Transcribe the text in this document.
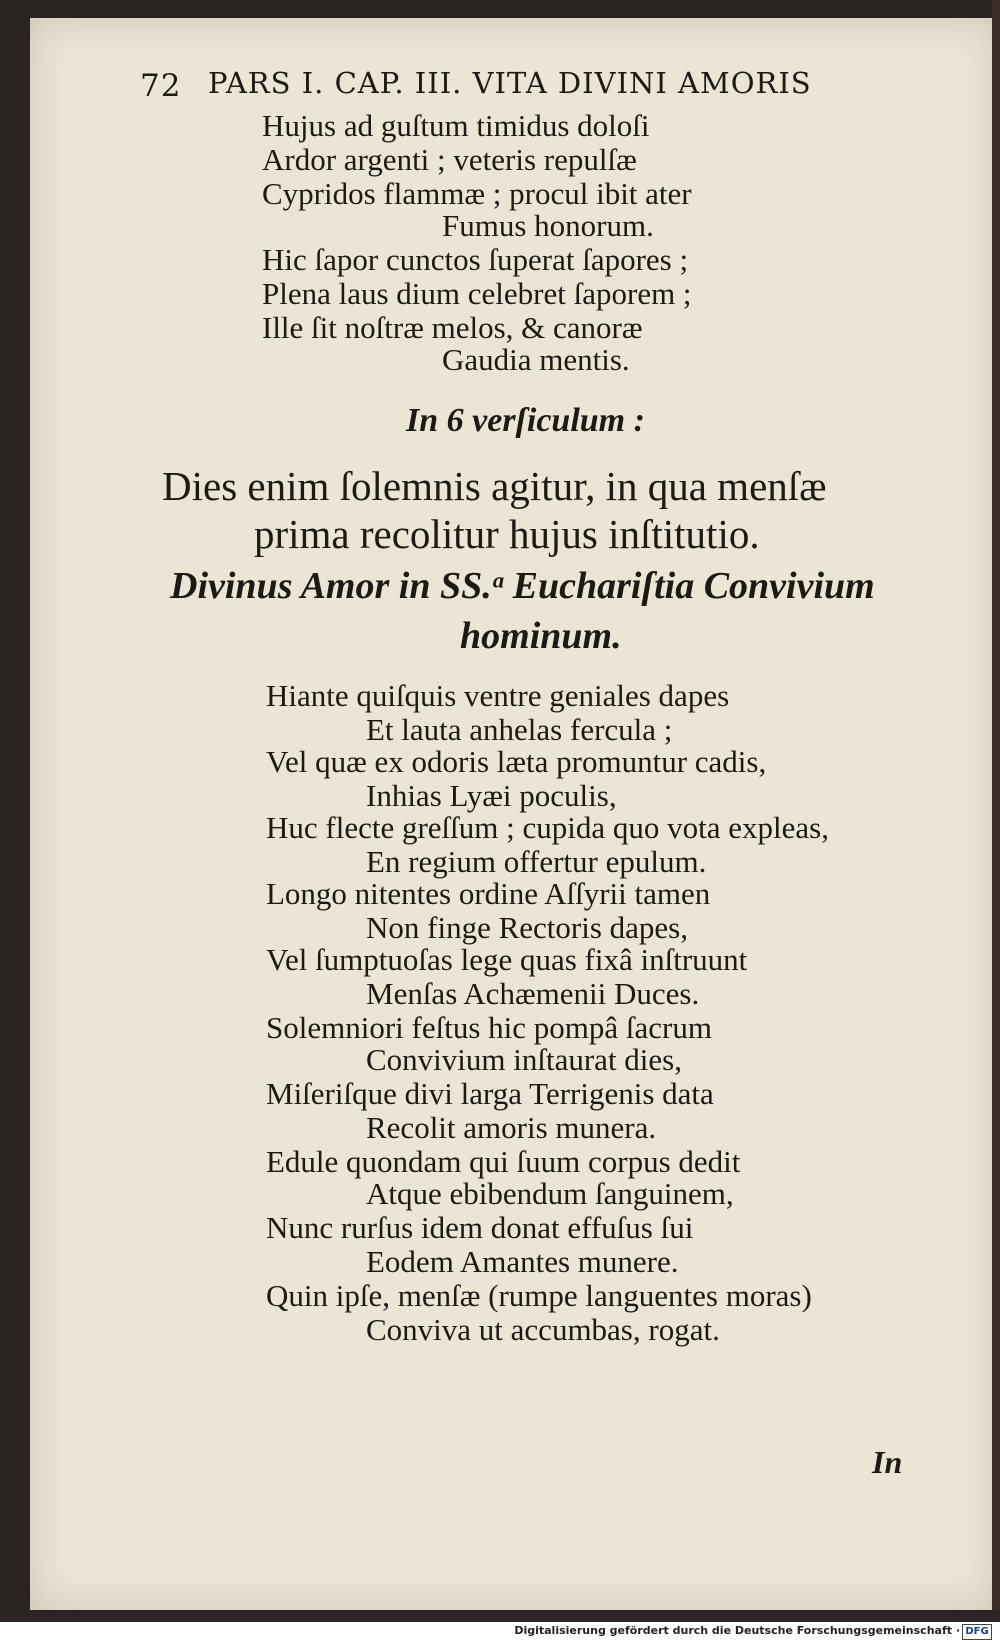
72 PARS I. CAP. III. VITA DIVINI AMORIS
Hujus ad guſtum timidus doloſi
Ardor argenti ; veteris repulſæ
Cypridos flammæ ; procul ibit ater
Fumus honorum.
Hic ſapor cunctos ſuperat ſapores ;
Plena laus dium celebret ſaporem ;
Ille ſit noſtræ melos, & canoræ
Gaudia mentis.
In 6 verſiculum :
Dies enim ſolemnis agitur, in qua menſæ
prima recolitur hujus inſtitutio.
Divinus Amor in SS.ᵃ Euchariſtia Convivium
hominum.
Hiante quiſquis ventre geniales dapes
Et lauta anhelas fercula ;
Vel quæ ex odoris læta promuntur cadis,
Inhias Lyæi poculis,
Huc flecte greſſum ; cupida quo vota expleas,
En regium offertur epulum.
Longo nitentes ordine Aſſyrii tamen
Non finge Rectoris dapes,
Vel ſumptuoſas lege quas fixâ inſtruunt
Menſas Achæmenii Duces.
Solemniori feſtus hic pompâ ſacrum
Convivium inſtaurat dies,
Miſeriſque divi larga Terrigenis data
Recolit amoris munera.
Edule quondam qui ſuum corpus dedit
Atque ebibendum ſanguinem,
Nunc rurſus idem donat effuſus ſui
Eodem Amantes munere.
Quin ipſe, menſæ (rumpe languentes moras)
Conviva ut accumbas, rogat.
In
Digitalisierung gefördert durch die Deutsche Forschungsgemeinschaft · DFG
